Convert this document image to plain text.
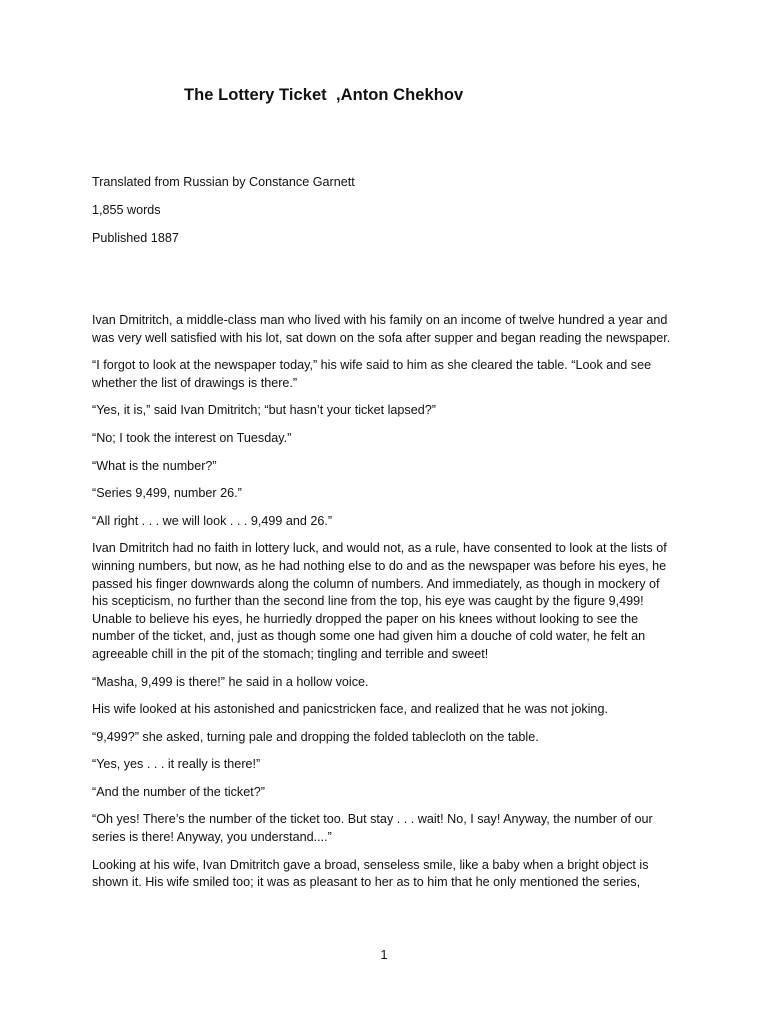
The Lottery Ticket  ,Anton Chekhov
Translated from Russian by Constance Garnett
1,855 words
Published 1887

Ivan Dmitritch, a middle-class man who lived with his family on an income of twelve hundred a year and was very well satisfied with his lot, sat down on the sofa after supper and began reading the newspaper.

“I forgot to look at the newspaper today,” his wife said to him as she cleared the table. “Look and see whether the list of drawings is there.”

“Yes, it is,” said Ivan Dmitritch; “but hasn’t your ticket lapsed?”

“No; I took the interest on Tuesday.”

“What is the number?”

“Series 9,499, number 26.”

“All right . . . we will look . . . 9,499 and 26.”

Ivan Dmitritch had no faith in lottery luck, and would not, as a rule, have consented to look at the lists of winning numbers, but now, as he had nothing else to do and as the newspaper was before his eyes, he passed his finger downwards along the column of numbers. And immediately, as though in mockery of his scepticism, no further than the second line from the top, his eye was caught by the figure 9,499! Unable to believe his eyes, he hurriedly dropped the paper on his knees without looking to see the number of the ticket, and, just as though some one had given him a douche of cold water, he felt an agreeable chill in the pit of the stomach; tingling and terrible and sweet!

“Masha, 9,499 is there!” he said in a hollow voice.

His wife looked at his astonished and panicstricken face, and realized that he was not joking.

“9,499?” she asked, turning pale and dropping the folded tablecloth on the table.

“Yes, yes . . . it really is there!”

“And the number of the ticket?”

“Oh yes! There’s the number of the ticket too. But stay . . . wait! No, I say! Anyway, the number of our series is there! Anyway, you understand....”

Looking at his wife, Ivan Dmitritch gave a broad, senseless smile, like a baby when a bright object is shown it. His wife smiled too; it was as pleasant to her as to him that he only mentioned the series,

1
